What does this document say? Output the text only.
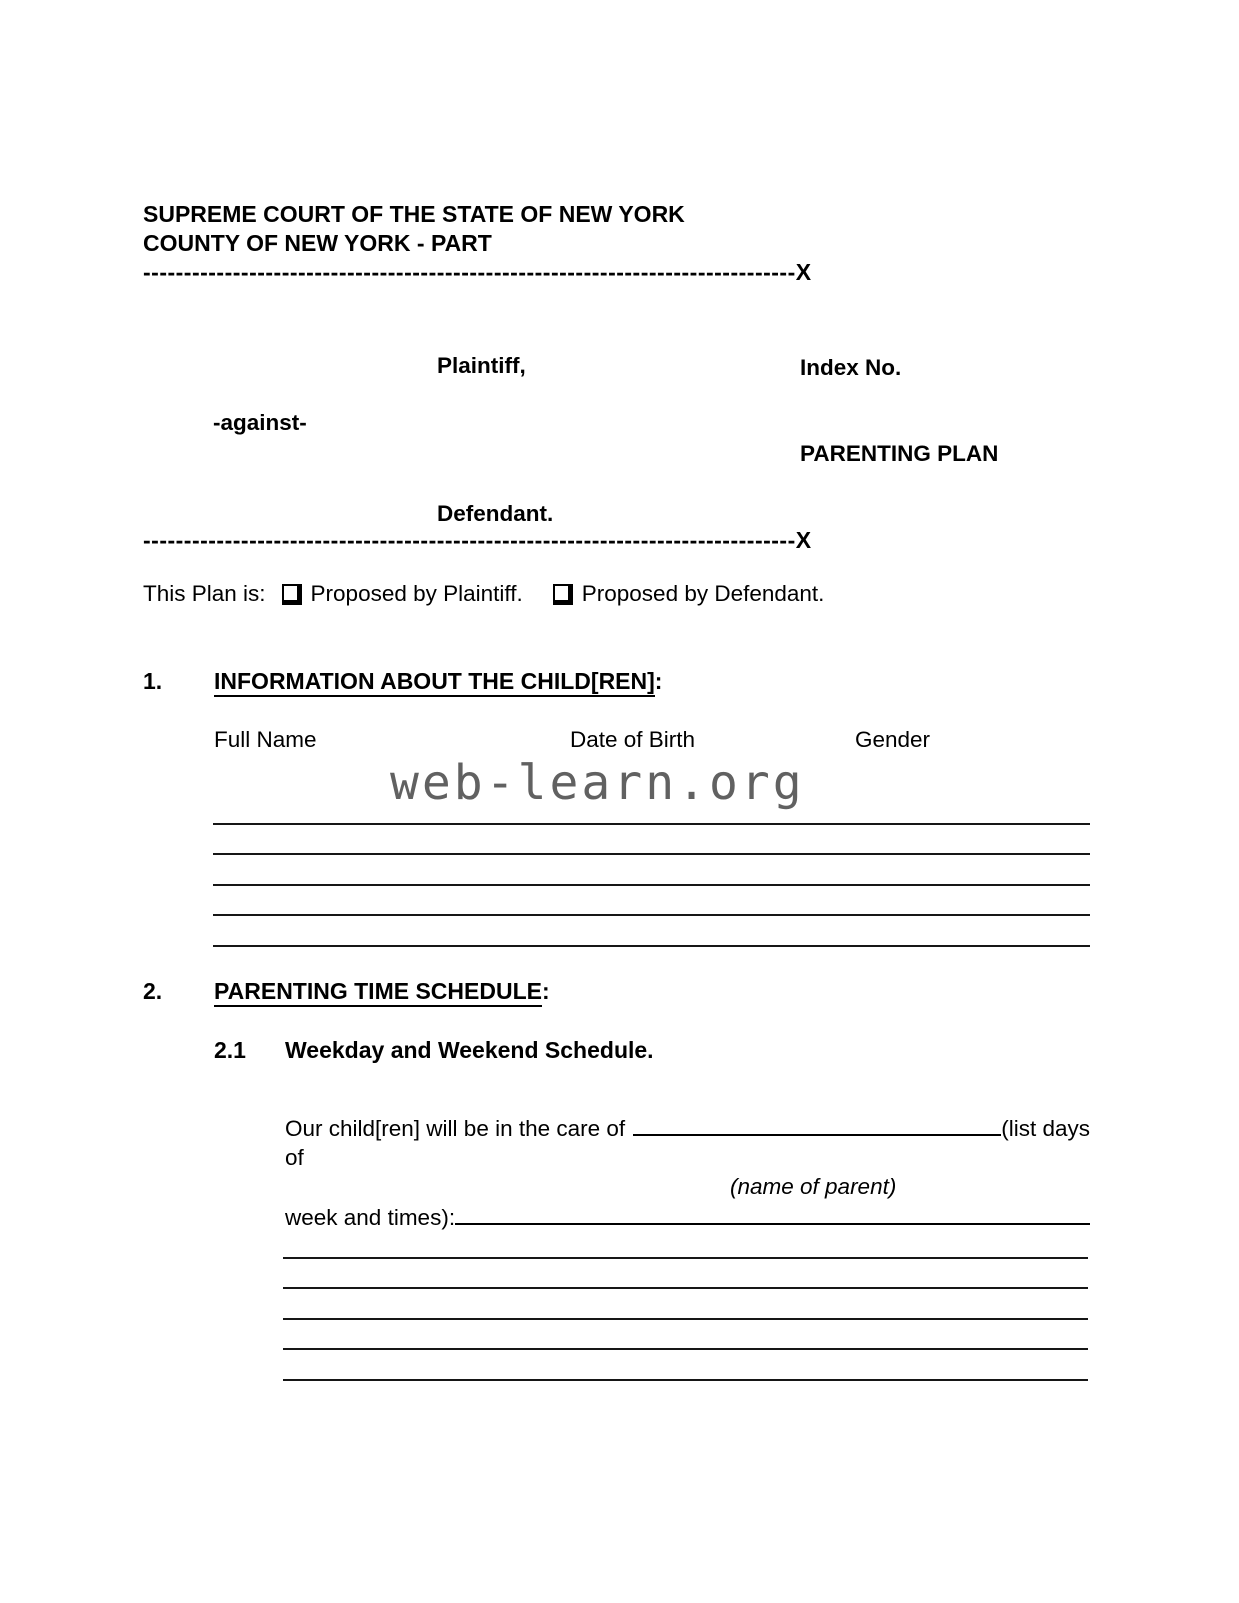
SUPREME COURT OF THE STATE OF NEW YORK
COUNTY OF NEW YORK - PART
--------------------------------------------------------------------------------X
Plaintiff,	Index No.
-against-
PARENTING PLAN
Defendant.
--------------------------------------------------------------------------------X
This Plan is: Proposed by Plaintiff.	Proposed by Defendant.
1. INFORMATION ABOUT THE CHILD[REN]:
Full Name	Date of Birth	Gender
web-learn.org
2. PARENTING TIME SCHEDULE:
2.1 Weekday and Weekend Schedule.
Our child[ren] will be in the care of	(list days
of
(name of parent)
week and times):
